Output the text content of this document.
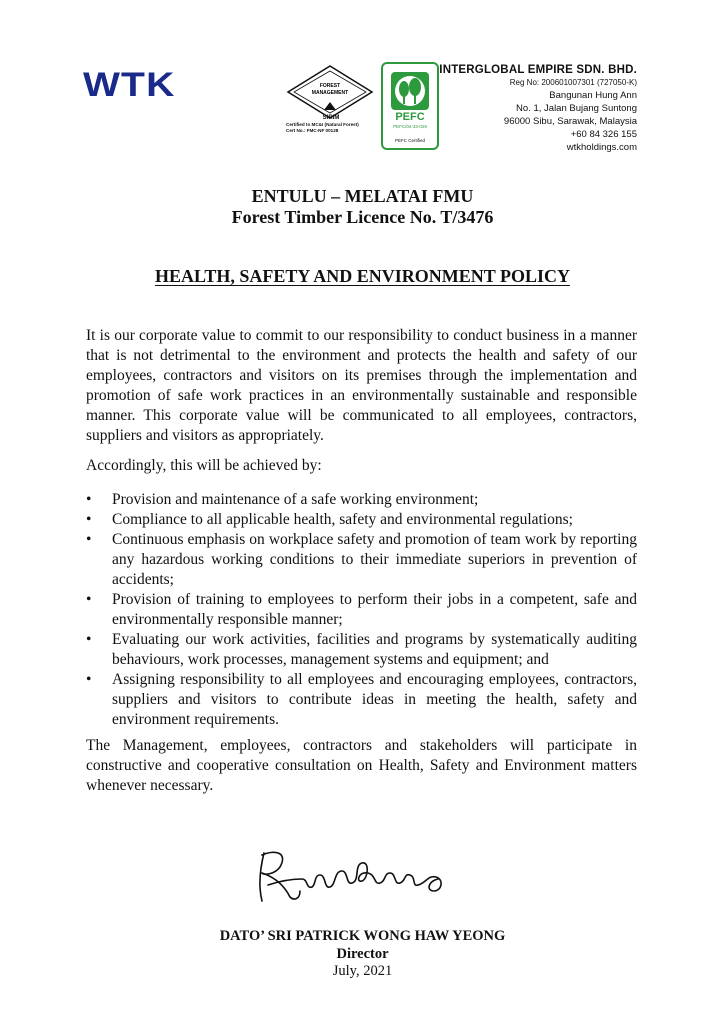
WTK	FOREST
MANAGEMENT
SIRIM
Certified to MC&I (Natural Forest)
Cert No.: FMC-NF 00128
PEFC
PEFC/04-33-029
PEFC Certified
INTERGLOBAL EMPIRE SDN. BHD.
Reg No: 200601007301 (727050-K)
Bangunan Hung Ann
No. 1, Jalan Bujang Suntong
96000 Sibu, Sarawak, Malaysia
+60 84 326 155
wtkholdings.com
ENTULU – MELATAI FMU
Forest Timber Licence No. T/3476
HEALTH, SAFETY AND ENVIRONMENT POLICY
It is our corporate value to commit to our responsibility to conduct business in a manner that is not detrimental to the environment and protects the health and safety of our employees, contractors and visitors on its premises through the implementation and promotion of safe work practices in an environmentally sustainable and responsible manner. This corporate value will be communicated to all employees, contractors, suppliers and visitors as appropriately.
Accordingly, this will be achieved by:
• Provision and maintenance of a safe working environment;
• Compliance to all applicable health, safety and environmental regulations;
• Continuous emphasis on workplace safety and promotion of team work by reporting any hazardous working conditions to their immediate superiors in prevention of accidents;
• Provision of training to employees to perform their jobs in a competent, safe and environmentally responsible manner;
• Evaluating our work activities, facilities and programs by systematically auditing behaviours, work processes, management systems and equipment; and
• Assigning responsibility to all employees and encouraging employees, contractors, suppliers and visitors to contribute ideas in meeting the health, safety and environment requirements.
The Management, employees, contractors and stakeholders will participate in constructive and cooperative consultation on Health, Safety and Environment matters whenever necessary.
DATO’ SRI PATRICK WONG HAW YEONG
Director
July, 2021
